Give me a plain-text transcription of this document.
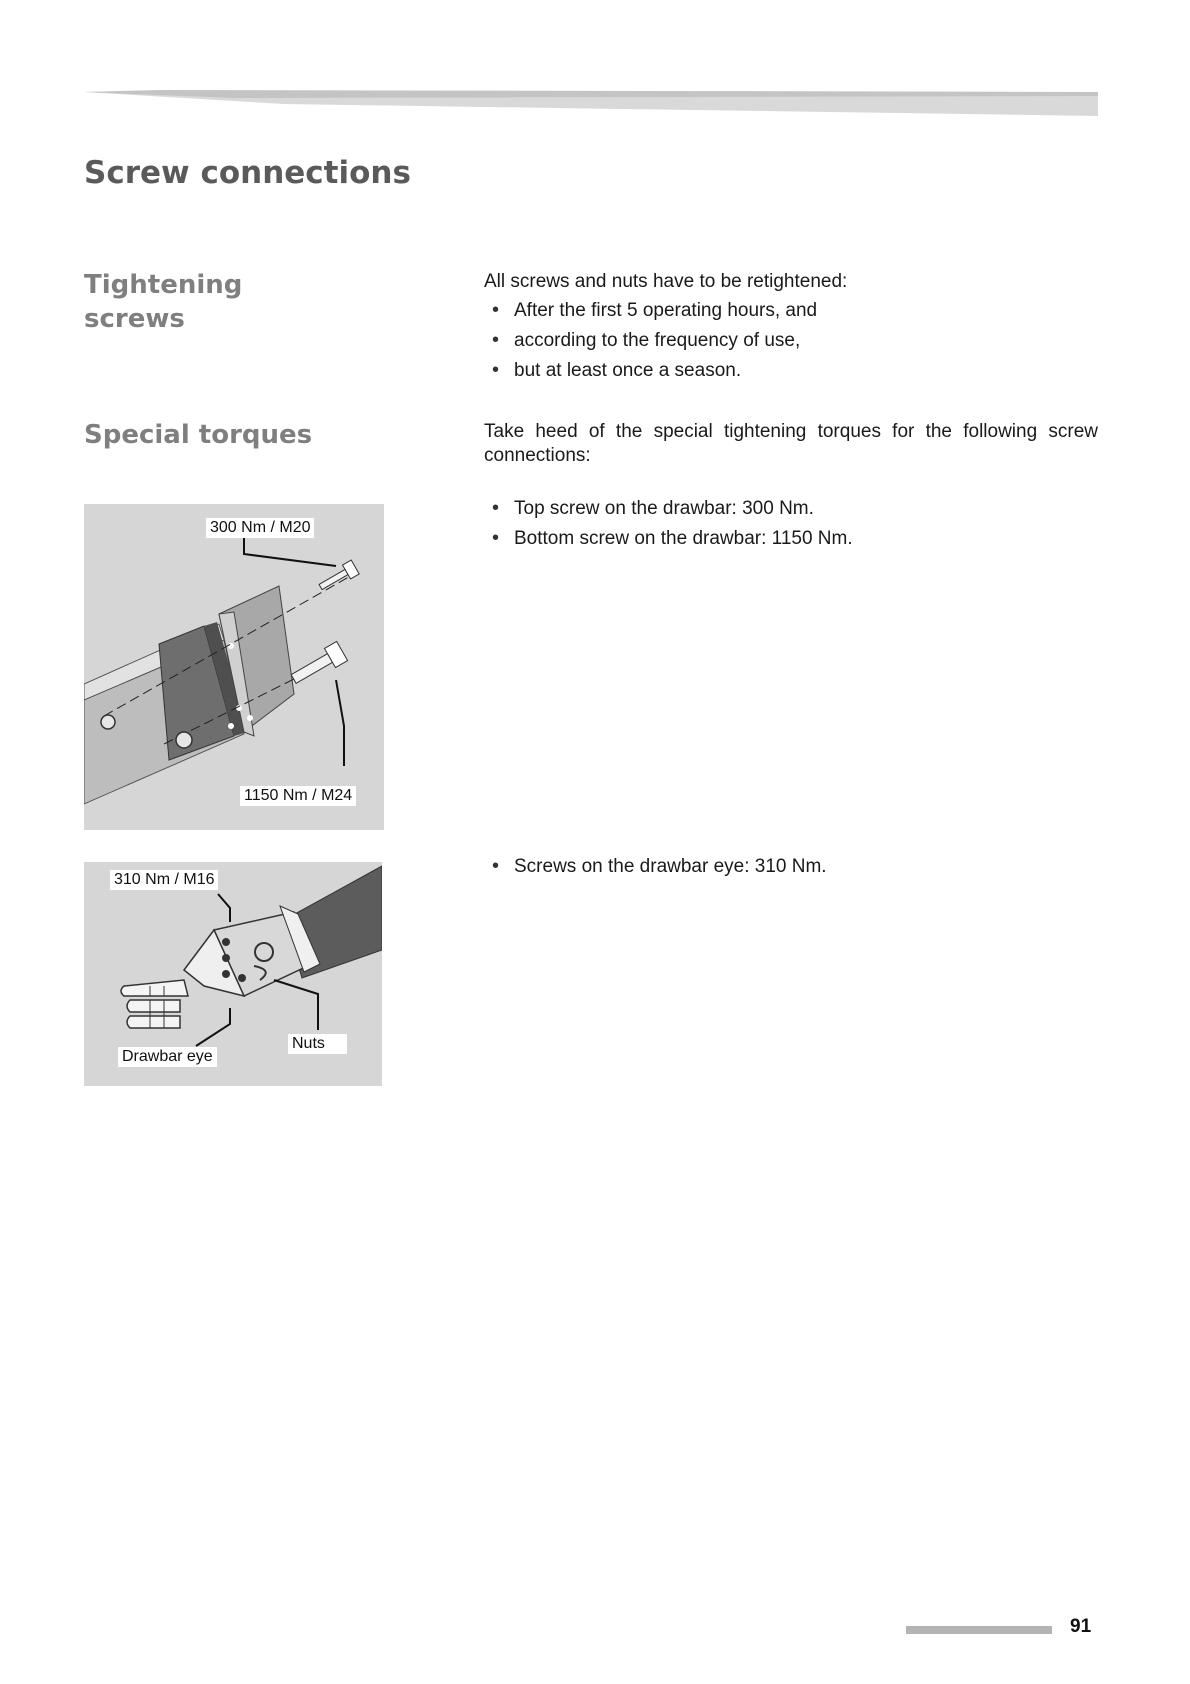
Screw connections
Tightening screws
All screws and nuts have to be retightened:
• After the first 5 operating hours, and
• according to the frequency of use,
• but at least once a season.
Special torques	Take heed of the special tightening torques for the following screw connections:
• Top screw on the drawbar: 300 Nm.
• Bottom screw on the drawbar: 1150 Nm.
• Screws on the drawbar eye: 310 Nm.
300 Nm / M20
1150 Nm / M24
310 Nm / M16
Drawbar eye
Nuts
91
